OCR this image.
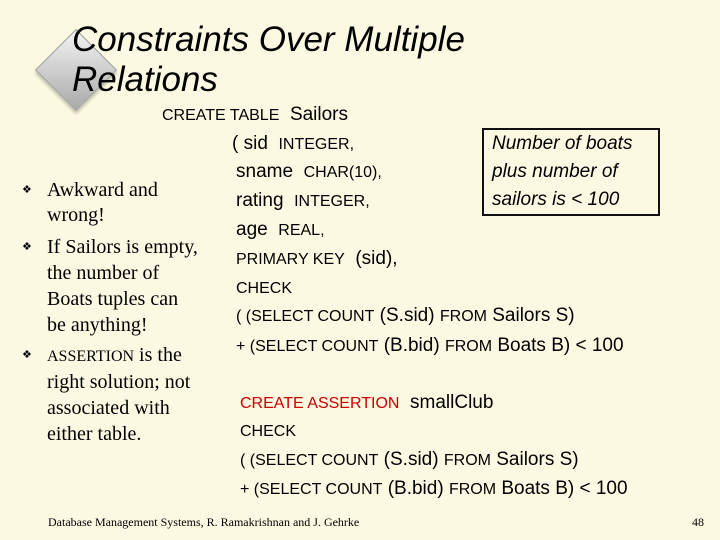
Constraints Over Multiple Relations
CREATE TABLE Sailors
( sid INTEGER,
sname CHAR(10),
rating INTEGER,
age REAL,
PRIMARY KEY (sid),
CHECK
( (SELECT COUNT (S.sid) FROM Sailors S)
+ (SELECT COUNT (B.bid) FROM Boats B) < 100
Number of boats
plus number of
sailors is < 100
❖ Awkward and
wrong!
❖ If Sailors is empty,
the number of
Boats tuples can
be anything!
❖ ASSERTION is the
right solution; not
associated with
either table.
CREATE ASSERTION smallClub
CHECK
( (SELECT COUNT (S.sid) FROM Sailors S)
+ (SELECT COUNT (B.bid) FROM Boats B) < 100
Database Management Systems, R. Ramakrishnan and J. Gehrke	48
